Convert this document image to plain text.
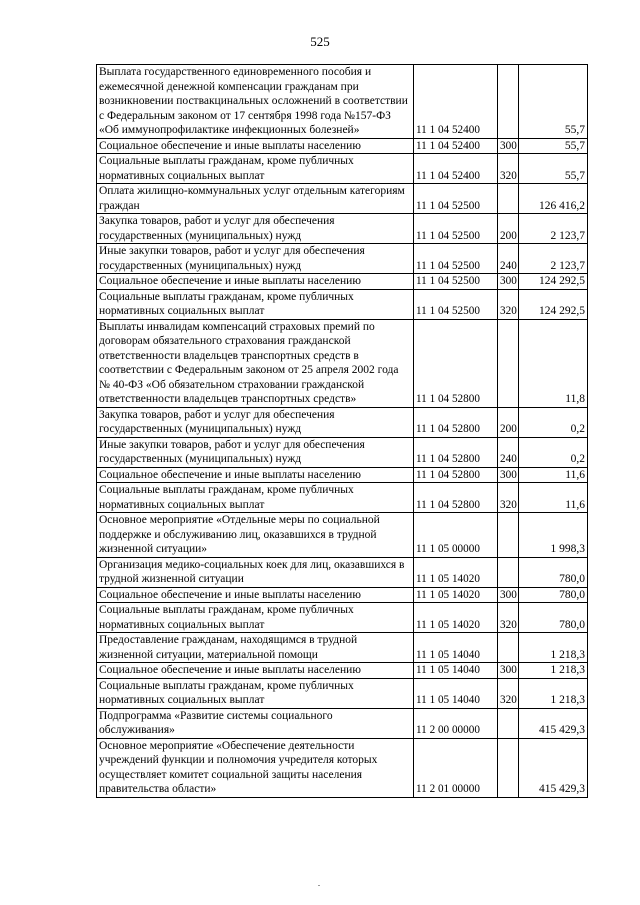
525
Выплата государственного единовременного пособия и ежемесячной денежной компенсации гражданам при возникновении поствакцинальных осложнений в соответствии с Федеральным законом от 17 сентября 1998 года №157-ФЗ «Об иммунопрофилактике инфекционных болезней»	11 1 04 52400		55,7
Социальное обеспечение и иные выплаты населению	11 1 04 52400	300	55,7
Социальные выплаты гражданам, кроме публичных нормативных социальных выплат	11 1 04 52400	320	55,7
Оплата жилищно-коммунальных услуг отдельным категориям граждан	11 1 04 52500		126 416,2
Закупка товаров, работ и услуг для обеспечения государственных (муниципальных) нужд	11 1 04 52500	200	2 123,7
Иные закупки товаров, работ и услуг для обеспечения государственных (муниципальных) нужд	11 1 04 52500	240	2 123,7
Социальное обеспечение и иные выплаты населению	11 1 04 52500	300	124 292,5
Социальные выплаты гражданам, кроме публичных нормативных социальных выплат	11 1 04 52500	320	124 292,5
Выплаты инвалидам компенсаций страховых премий по договорам обязательного страхования гражданской ответственности владельцев транспортных средств в соответствии с Федеральным законом от 25 апреля 2002 года № 40-ФЗ «Об обязательном страховании гражданской ответственности владельцев транспортных средств»	11 1 04 52800		11,8
Закупка товаров, работ и услуг для обеспечения государственных (муниципальных) нужд	11 1 04 52800	200	0,2
Иные закупки товаров, работ и услуг для обеспечения государственных (муниципальных) нужд	11 1 04 52800	240	0,2
Социальное обеспечение и иные выплаты населению	11 1 04 52800	300	11,6
Социальные выплаты гражданам, кроме публичных нормативных социальных выплат	11 1 04 52800	320	11,6
Основное мероприятие «Отдельные меры по социальной поддержке и обслуживанию лиц, оказавшихся в трудной жизненной ситуации»	11 1 05 00000		1 998,3
Организация медико-социальных коек для лиц, оказавшихся в трудной жизненной ситуации	11 1 05 14020		780,0
Социальное обеспечение и иные выплаты населению	11 1 05 14020	300	780,0
Социальные выплаты гражданам, кроме публичных нормативных социальных выплат	11 1 05 14020	320	780,0
Предоставление гражданам, находящимся в трудной жизненной ситуации, материальной помощи	11 1 05 14040		1 218,3
Социальное обеспечение и иные выплаты населению	11 1 05 14040	300	1 218,3
Социальные выплаты гражданам, кроме публичных нормативных социальных выплат	11 1 05 14040	320	1 218,3
Подпрограмма «Развитие системы социального обслуживания»	11 2 00 00000		415 429,3
Основное мероприятие «Обеспечение деятельности учреждений функции и полномочия учредителя которых осуществляет комитет социальной защиты населения правительства области»	11 2 01 00000		415 429,3
